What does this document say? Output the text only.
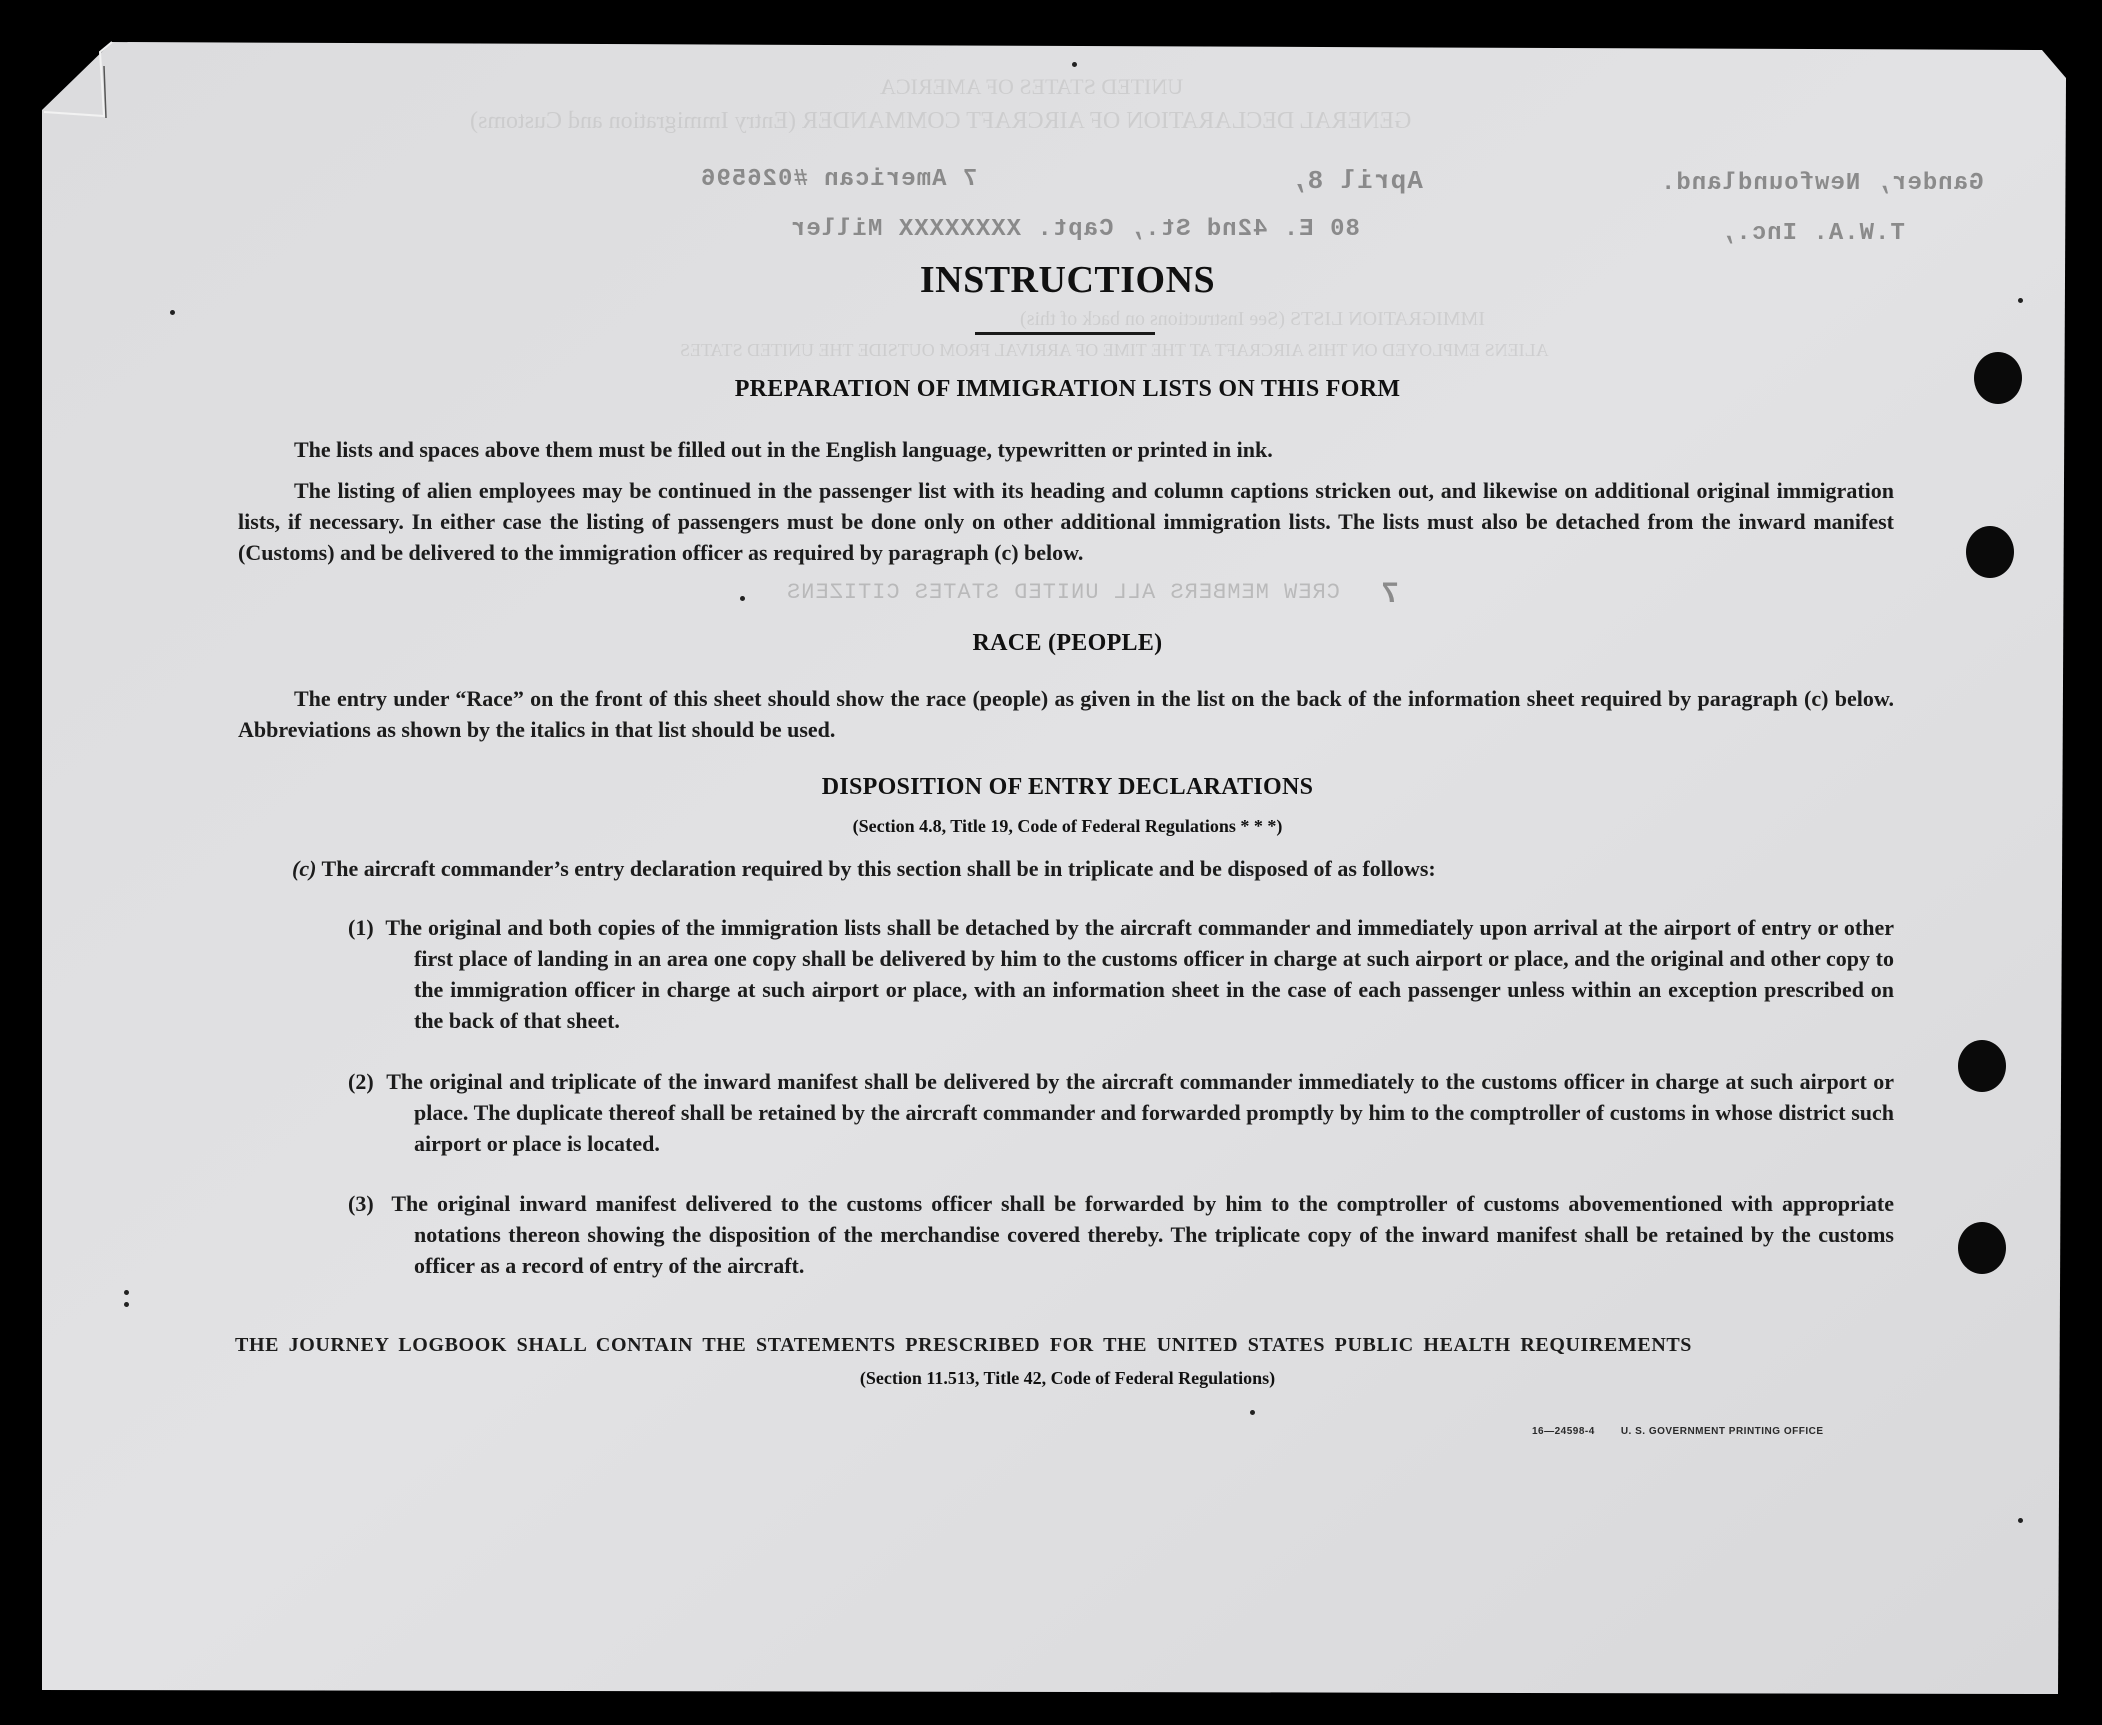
UNITED STATES OF AMERICA
GENERAL DECLARATION OF AIRCRAFT COMMANDER (Entry Immigration and Customs)
Gander, Newfoundland.
April 8,
7 American #026596
T.W.A. Inc.,
80 E. 42nd St., Capt. XXXXXXXX Miller
IMMIGRATION LISTS (See Instructions on back of this)
ALIENS EMPLOYED ON THIS AIRCRAFT AT THE TIME OF ARRIVAL FROM OUTSIDE THE UNITED STATES
CREW MEMBERS ALL UNITED STATES CITIZENS 7
INSTRUCTIONS
PREPARATION OF IMMIGRATION LISTS ON THIS FORM
The lists and spaces above them must be filled out in the English language, typewritten or printed in ink.
The listing of alien employees may be continued in the passenger list with its heading and column captions stricken out, and likewise on additional original immigration lists, if necessary. In either case the listing of passengers must be done only on other additional immigration lists. The lists must also be detached from the inward manifest (Customs) and be delivered to the immigration officer as required by paragraph (c) below.
RACE (PEOPLE)
The entry under “Race” on the front of this sheet should show the race (people) as given in the list on the back of the information sheet required by paragraph (c) below. Abbreviations as shown by the italics in that list should be used.
DISPOSITION OF ENTRY DECLARATIONS
(Section 4.8, Title 19, Code of Federal Regulations * * *)
(c) The aircraft commander’s entry declaration required by this section shall be in triplicate and be disposed of as follows:
(1) The original and both copies of the immigration lists shall be detached by the aircraft commander and immediately upon arrival at the airport of entry or other first place of landing in an area one copy shall be delivered by him to the customs officer in charge at such airport or place, and the original and other copy to the immigration officer in charge at such airport or place, with an information sheet in the case of each passenger unless within an exception prescribed on the back of that sheet.
(2) The original and triplicate of the inward manifest shall be delivered by the aircraft commander immediately to the customs officer in charge at such airport or place. The duplicate thereof shall be retained by the aircraft commander and forwarded promptly by him to the comptroller of customs in whose district such airport or place is located.
(3) The original inward manifest delivered to the customs officer shall be forwarded by him to the comptroller of customs abovementioned with appropriate notations thereon showing the disposition of the merchandise covered thereby. The triplicate copy of the inward manifest shall be retained by the customs officer as a record of entry of the aircraft.
THE JOURNEY LOGBOOK SHALL CONTAIN THE STATEMENTS PRESCRIBED FOR THE UNITED STATES PUBLIC HEALTH REQUIREMENTS
(Section 11.513, Title 42, Code of Federal Regulations)
16—24598-4	U. S. GOVERNMENT PRINTING OFFICE
